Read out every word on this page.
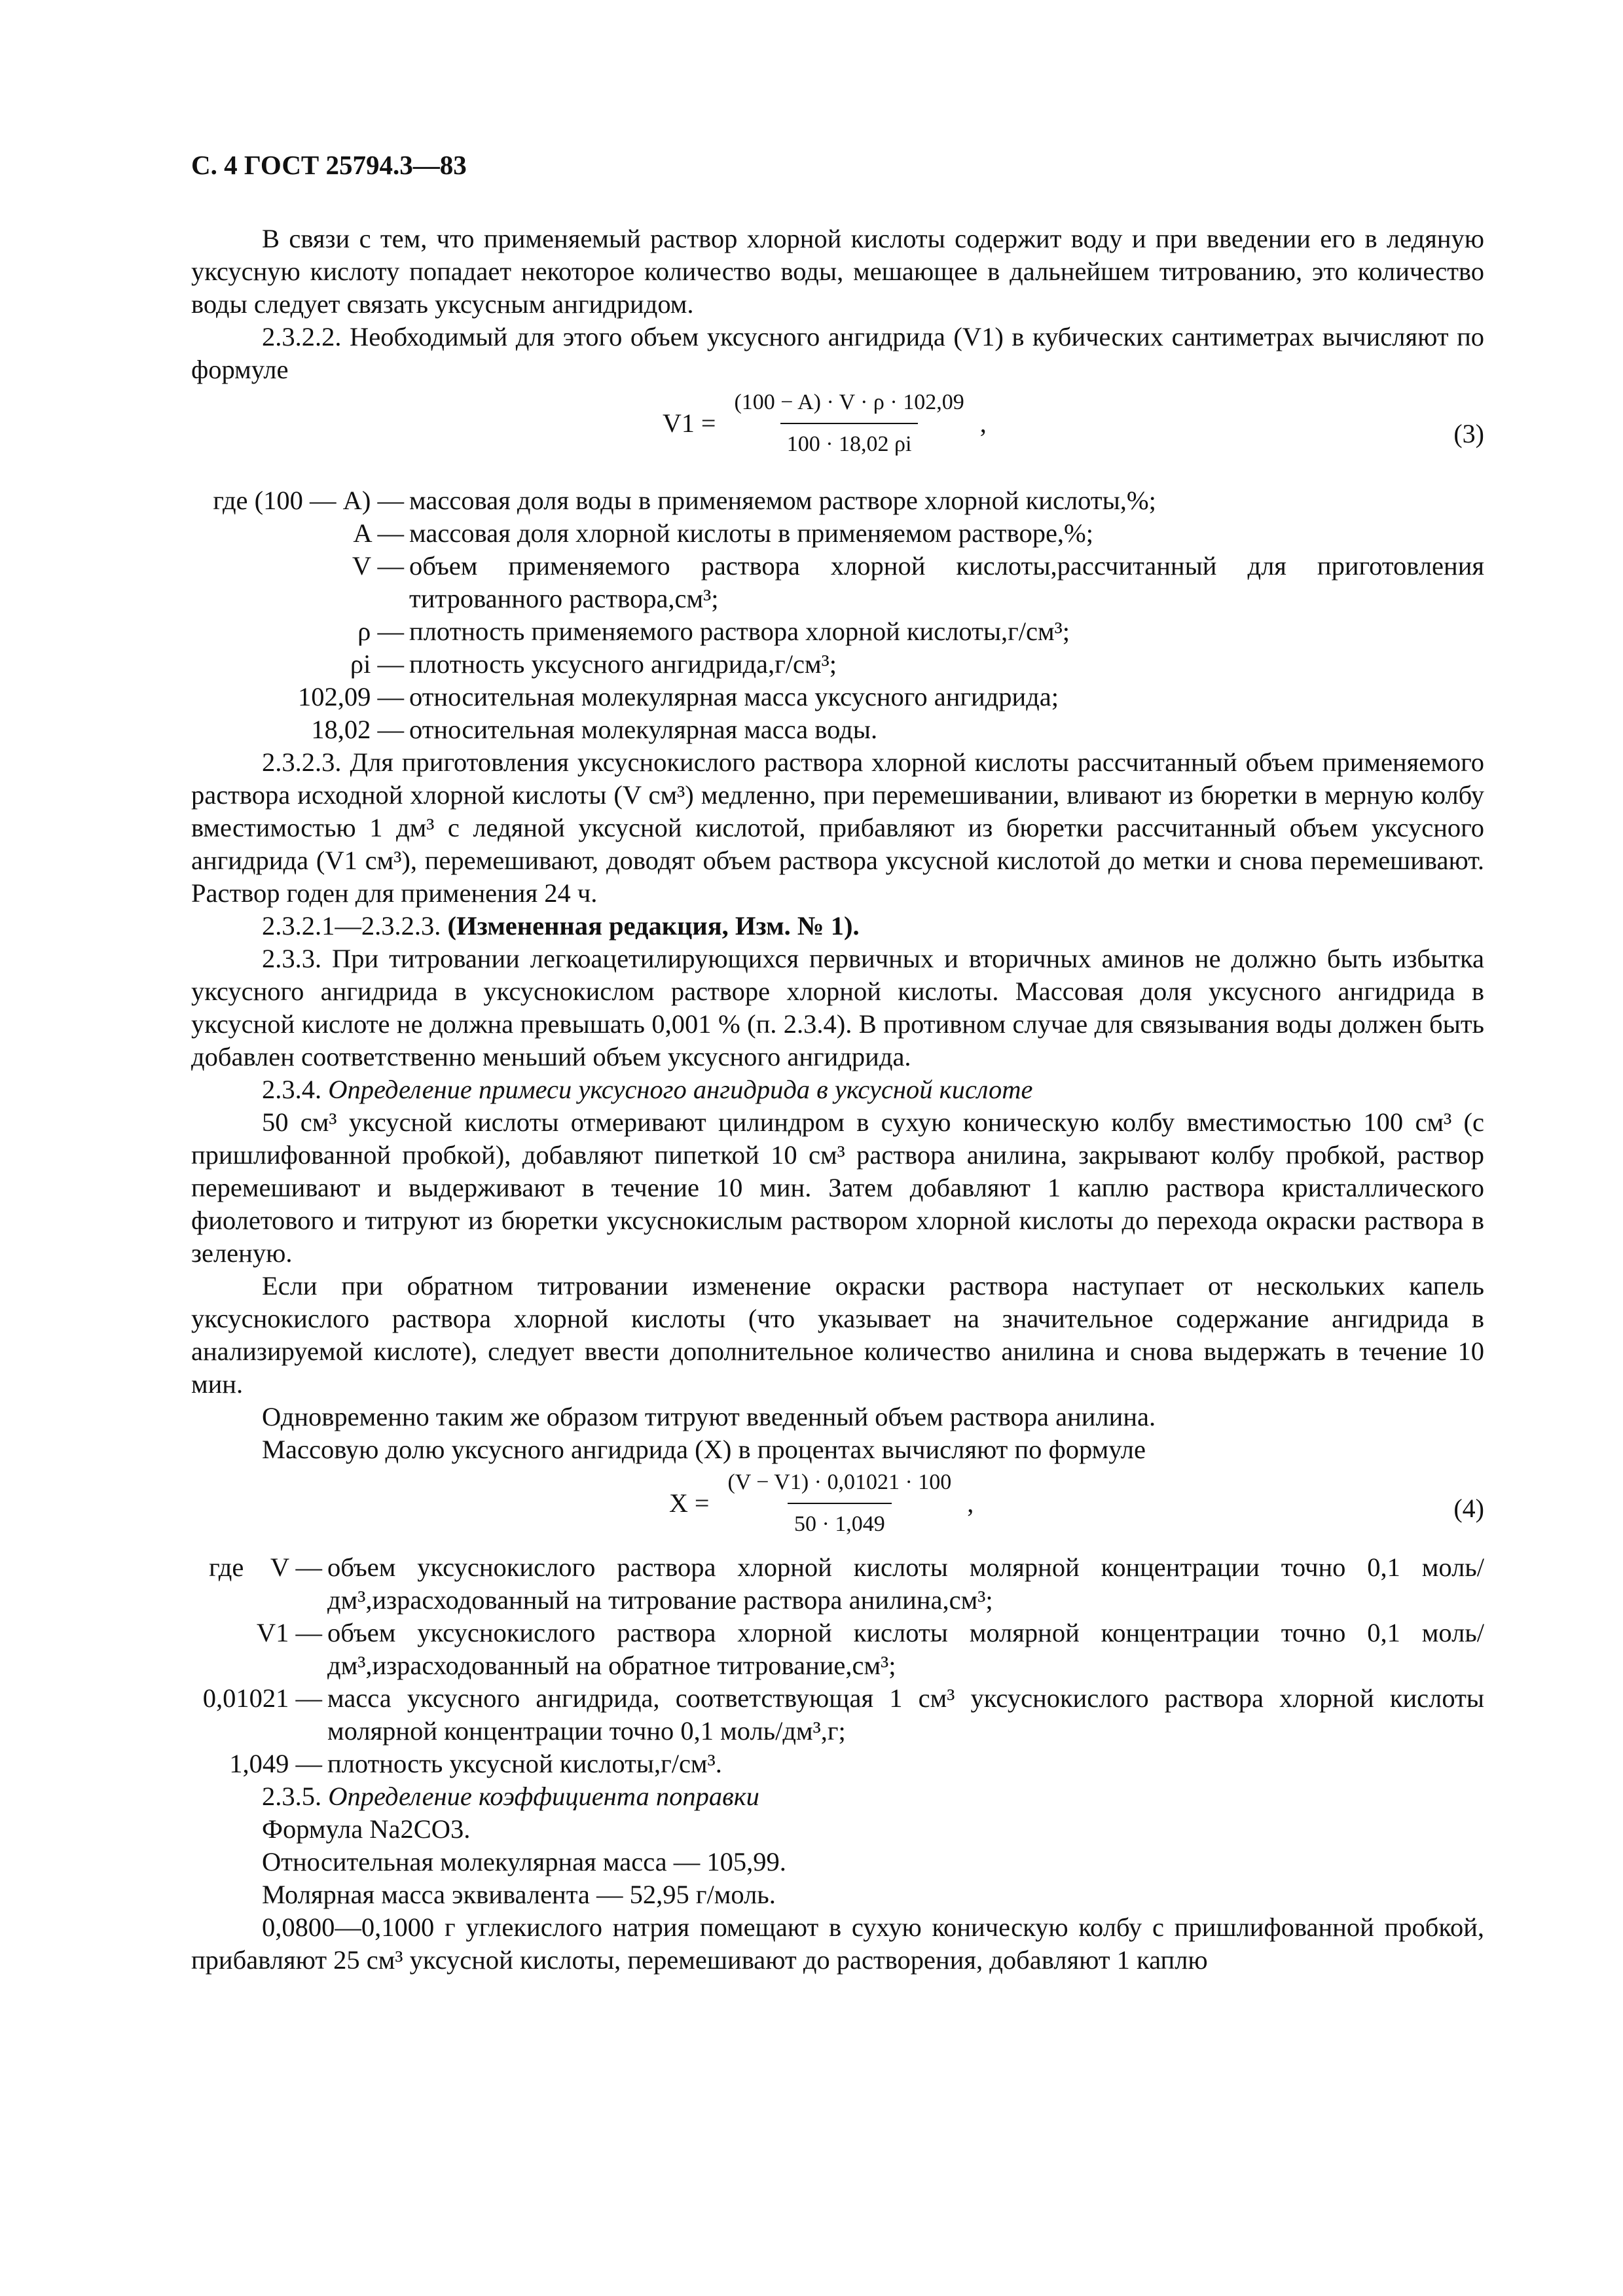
С. 4 ГОСТ 25794.3—83

В связи с тем, что применяемый раствор хлорной кислоты содержит воду и при введении его в ледяную уксусную кислоту попадает некоторое количество воды, мешающее в дальнейшем титрованию, это количество воды следует связать уксусным ангидридом.

2.3.2.2. Необходимый для этого объем уксусного ангидрида (V1) в кубических сантиметрах вычисляют по формуле

$V1 = \frac{(100 - A) \cdot V \cdot \rho \cdot 102,09}{100 \cdot 18,02 \rho i}$ ,	(3)
где (100 — A) — массовая доля воды в применяемом растворе хлорной кислоты,%;
A — массовая доля хлорной кислоты в применяемом растворе,%;
V — объем применяемого раствора хлорной кислоты,рассчитанный для приготовления титрованного раствора,см³;
ρ — плотность применяемого раствора хлорной кислоты,г/см³;
ρi — плотность уксусного ангидрида,г/см³;
102,09 — относительная молекулярная масса уксусного ангидрида;
18,02 — относительная молекулярная масса воды.

2.3.2.3. Для приготовления уксуснокислого раствора хлорной кислоты рассчитанный объем применяемого раствора исходной хлорной кислоты (V см³) медленно, при перемешивании, вливают из бюретки в мерную колбу вместимостью 1 дм³ с ледяной уксусной кислотой, прибавляют из бюретки рассчитанный объем уксусного ангидрида (V1 см³), перемешивают, доводят объем раствора уксусной кислотой до метки и снова перемешивают. Раствор годен для применения 24 ч.

2.3.2.1—2.3.2.3. (Измененная редакция, Изм. № 1).

2.3.3. При титровании легкоацетилирующихся первичных и вторичных аминов не должно быть избытка уксусного ангидрида в уксуснокислом растворе хлорной кислоты. Массовая доля уксусного ангидрида в уксусной кислоте не должна превышать 0,001 % (п. 2.3.4). В противном случае для связывания воды должен быть добавлен соответственно меньший объем уксусного ангидрида.

2.3.4. Определение примеси уксусного ангидрида в уксусной кислоте

50 см³ уксусной кислоты отмеривают цилиндром в сухую коническую колбу вместимостью 100 см³ (с пришлифованной пробкой), добавляют пипеткой 10 см³ раствора анилина, закрывают колбу пробкой, раствор перемешивают и выдерживают в течение 10 мин. Затем добавляют 1 каплю раствора кристаллического фиолетового и титруют из бюретки уксуснокислым раствором хлорной кислоты до перехода окраски раствора в зеленую.

Если при обратном титровании изменение окраски раствора наступает от нескольких капель уксуснокислого раствора хлорной кислоты (что указывает на значительное содержание ангидрида в анализируемой кислоте), следует ввести дополнительное количество анилина и снова выдержать в течение 10 мин.

Одновременно таким же образом титруют введенный объем раствора анилина.

Массовую долю уксусного ангидрида (X) в процентах вычисляют по формуле

$X = \frac{(V - V1) \cdot 0,01021 \cdot 100}{50 \cdot 1,049}$ ,	(4)
где    V — объем уксуснокислого раствора хлорной кислоты молярной концентрации точно 0,1 моль/дм³,израсходованный на титрование раствора анилина,см³;
V1 — объем уксуснокислого раствора хлорной кислоты молярной концентрации точно 0,1 моль/дм³,израсходованный на обратное титрование,см³;
0,01021 — масса уксусного ангидрида, соответствующая 1 см³ уксуснокислого раствора хлорной кислоты молярной концентрации точно 0,1 моль/дм³,г;
1,049 — плотность уксусной кислоты,г/см³.

2.3.5. Определение коэффициента поправки

Формула Na2CO3.

Относительная молекулярная масса — 105,99.

Молярная масса эквивалента — 52,95 г/моль.

0,0800—0,1000 г углекислого натрия помещают в сухую коническую колбу с пришлифованной пробкой, прибавляют 25 см³ уксусной кислоты, перемешивают до растворения, добавляют 1 каплю
